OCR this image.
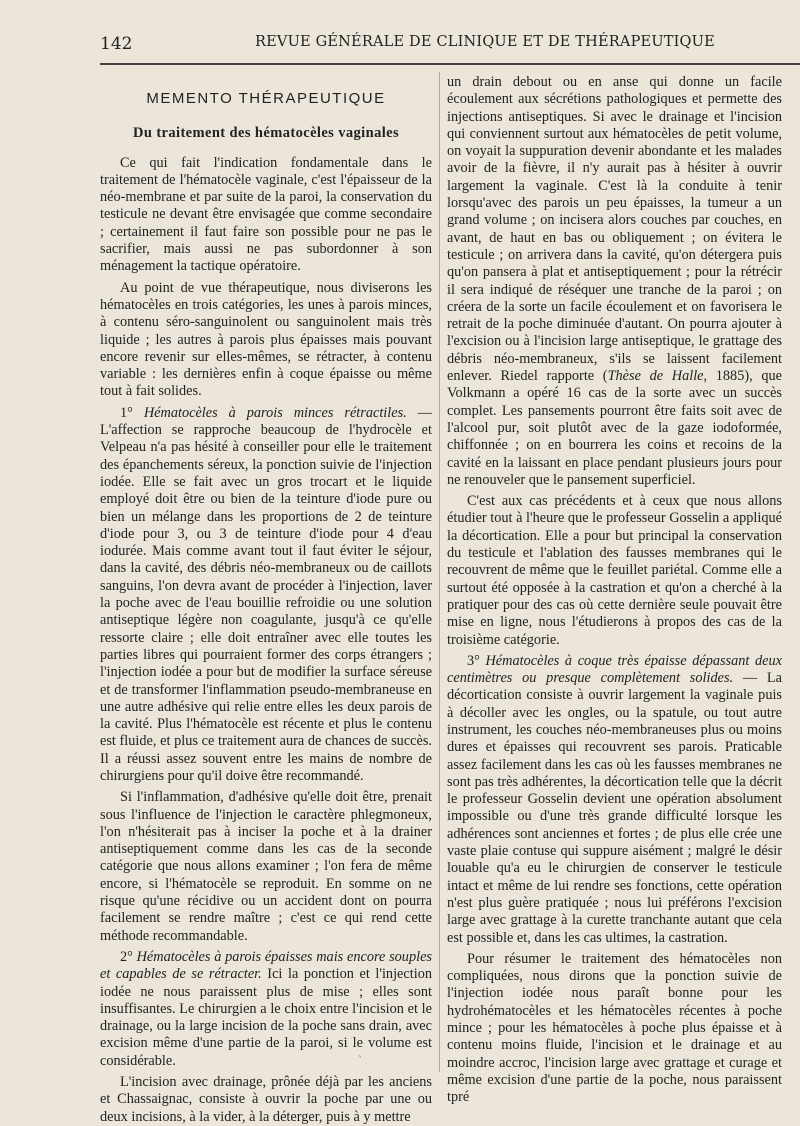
142	REVUE GÉNÉRALE DE CLINIQUE ET DE THÉRAPEUTIQUE
MEMENTO THÉRAPEUTIQUE
Du traitement des hématocèles vaginales

Ce qui fait l'indication fondamentale dans le traitement de l'hématocèle vaginale, c'est l'épaisseur de la néo-membrane et par suite de la paroi, la conservation du testicule ne devant être envisagée que comme secondaire ; certainement il faut faire son possible pour ne pas le sacrifier, mais aussi ne pas subordonner à son ménagement la tactique opératoire.

Au point de vue thérapeutique, nous diviserons les hématocèles en trois catégories, les unes à parois minces, à contenu séro-sanguinolent ou sanguinolent mais très liquide ; les autres à parois plus épaisses mais pouvant encore revenir sur elles-mêmes, se rétracter, à contenu variable : les dernières enfin à coque épaisse ou même tout à fait solides.

1° Hématocèles à parois minces rétractiles. — L'affection se rapproche beaucoup de l'hydrocèle et Velpeau n'a pas hésité à conseiller pour elle le traitement des épanchements séreux, la ponction suivie de l'injection iodée. Elle se fait avec un gros trocart et le liquide employé doit être ou bien de la teinture d'iode pure ou bien un mélange dans les proportions de 2 de teinture d'iode pour 3, ou 3 de teinture d'iode pour 4 d'eau iodurée. Mais comme avant tout il faut éviter le séjour, dans la cavité, des débris néo-membraneux ou de caillots sanguins, l'on devra avant de procéder à l'injection, laver la poche avec de l'eau bouillie refroidie ou une solution antiseptique légère non coagulante, jusqu'à ce qu'elle ressorte claire ; elle doit entraîner avec elle toutes les parties libres qui pourraient former des corps étrangers ; l'injection iodée a pour but de modifier la surface séreuse et de transformer l'inflammation pseudo-membraneuse en une autre adhésive qui relie entre elles les deux parois de la cavité. Plus l'hématocèle est récente et plus le contenu est fluide, et plus ce traitement aura de chances de succès. Il a réussi assez souvent entre les mains de nombre de chirurgiens pour qu'il doive être recommandé.

Si l'inflammation, d'adhésive qu'elle doit être, prenait sous l'influence de l'injection le caractère phlegmoneux, l'on n'hésiterait pas à inciser la poche et à la drainer antiseptiquement comme dans les cas de la seconde catégorie que nous allons examiner ; l'on fera de même encore, si l'hématocèle se reproduit. En somme on ne risque qu'une récidive ou un accident dont on pourra facilement se rendre maître ; c'est ce qui rend cette méthode recommandable.

2° Hématocèles à parois épaisses mais encore souples et capables de se rétracter. Ici la ponction et l'injection iodée ne nous paraissent plus de mise ; elles sont insuffisantes. Le chirurgien a le choix entre l'incision et le drainage, ou la large incision de la poche sans drain, avec excision même d'une partie de la paroi, si le volume est considérable.

L'incision avec drainage, prônée déjà par les anciens et Chassaignac, consiste à ouvrir la poche par une ou deux incisions, à la vider, à la déterger, puis à y mettre

un drain debout ou en anse qui donne un facile écoulement aux sécrétions pathologiques et permette des injections antiseptiques. Si avec le drainage et l'incision qui conviennent surtout aux hématocèles de petit volume, on voyait la suppuration devenir abondante et les malades avoir de la fièvre, il n'y aurait pas à hésiter à ouvrir largement la vaginale. C'est là la conduite à tenir lorsqu'avec des parois un peu épaisses, la tumeur a un grand volume ; on incisera alors couches par couches, en avant, de haut en bas ou obliquement ; on évitera le testicule ; on arrivera dans la cavité, qu'on détergera puis qu'on pansera à plat et antiseptiquement ; pour la rétrécir il sera indiqué de réséquer une tranche de la paroi ; on créera de la sorte un facile écoulement et on favorisera le retrait de la poche diminuée d'autant. On pourra ajouter à l'excision ou à l'incision large antiseptique, le grattage des débris néo-membraneux, s'ils se laissent facilement enlever. Riedel rapporte (Thèse de Halle, 1885), que Volkmann a opéré 16 cas de la sorte avec un succès complet. Les pansements pourront être faits soit avec de l'alcool pur, soit plutôt avec de la gaze iodoformée, chiffonnée ; on en bourrera les coins et recoins de la cavité en la laissant en place pendant plusieurs jours pour ne renouveler que le pansement superficiel.

C'est aux cas précédents et à ceux que nous allons étudier tout à l'heure que le professeur Gosselin a appliqué la décortication. Elle a pour but principal la conservation du testicule et l'ablation des fausses membranes qui le recouvrent de même que le feuillet pariétal. Comme elle a surtout été opposée à la castration et qu'on a cherché à la pratiquer pour des cas où cette dernière seule pouvait être mise en ligne, nous l'étudierons à propos des cas de la troisième catégorie.

3° Hématocèles à coque très épaisse dépassant deux centimètres ou presque complètement solides. — La décortication consiste à ouvrir largement la vaginale puis à décoller avec les ongles, ou la spatule, ou tout autre instrument, les couches néo-membraneuses plus ou moins dures et épaisses qui recouvrent ses parois. Praticable assez facilement dans les cas où les fausses membranes ne sont pas très adhérentes, la décortication telle que la décrit le professeur Gosselin devient une opération absolument impossible ou d'une très grande difficulté lorsque les adhérences sont anciennes et fortes ; de plus elle crée une vaste plaie contuse qui suppure aisément ; malgré le désir louable qu'a eu le chirurgien de conserver le testicule intact et même de lui rendre ses fonctions, cette opération n'est plus guère pratiquée ; nous lui préférons l'excision large avec grattage à la curette tranchante autant que cela est possible et, dans les cas ultimes, la castration.

Pour résumer le traitement des hématocèles non compliquées, nous dirons que la ponction suivie de l'injection iodée nous paraît bonne pour les hydrohématocèles et les hématocèles récentes à poche mince ; pour les hématocèles à poche plus épaisse et à contenu moins fluide, l'incision et le drainage et au moindre accroc, l'incision large avec grattage et curage et même excision d'une partie de la poche, nous paraissent tpré

`
